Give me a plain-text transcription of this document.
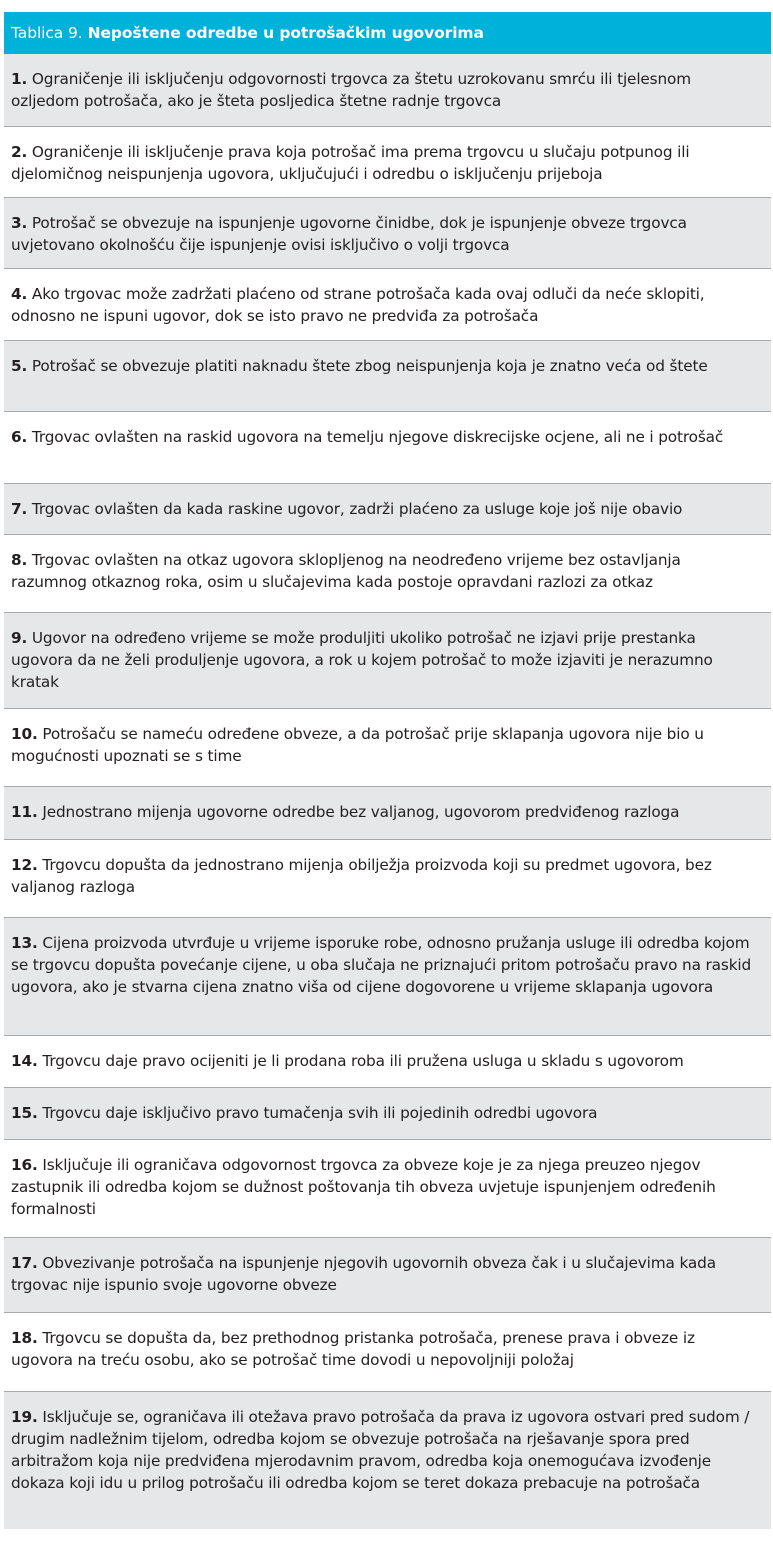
Tablica 9. Nepoštene odredbe u potrošačkim ugovorima
1. Ograničenje ili isključenju odgovornosti trgovca za štetu uzrokovanu smrću ili tjelesnom ozljedom potrošača, ako je šteta posljedica štetne radnje trgovca
2. Ograničenje ili isključenje prava koja potrošač ima prema trgovcu u slučaju potpunog ili djelomičnog neispunjenja ugovora, uključujući i odredbu o isključenju prijeboja
3. Potrošač se obvezuje na ispunjenje ugovorne činidbe, dok je ispunjenje obveze trgovca uvjetovano okolnošću čije ispunjenje ovisi isključivo o volji trgovca
4. Ako trgovac može zadržati plaćeno od strane potrošača kada ovaj odluči da neće sklopiti, odnosno ne ispuni ugovor, dok se isto pravo ne predviđa za potrošača
5. Potrošač se obvezuje platiti naknadu štete zbog neispunjenja koja je znatno veća od štete
6. Trgovac ovlašten na raskid ugovora na temelju njegove diskrecijske ocjene, ali ne i potrošač
7. Trgovac ovlašten da kada raskine ugovor, zadrži plaćeno za usluge koje još nije obavio
8. Trgovac ovlašten na otkaz ugovora sklopljenog na neodređeno vrijeme bez ostavljanja razumnog otkaznog roka, osim u slučajevima kada postoje opravdani razlozi za otkaz
9. Ugovor na određeno vrijeme se može produljiti ukoliko potrošač ne izjavi prije prestanka ugovora da ne želi produljenje ugovora, a rok u kojem potrošač to može izjaviti je nerazumno kratak
10. Potrošaču se nameću određene obveze, a da potrošač prije sklapanja ugovora nije bio u mogućnosti upoznati se s time
11. Jednostrano mijenja ugovorne odredbe bez valjanog, ugovorom predviđenog razloga
12. Trgovcu dopušta da jednostrano mijenja obilježja proizvoda koji su predmet ugovora, bez valjanog razloga
13. Cijena proizvoda utvrđuje u vrijeme isporuke robe, odnosno pružanja usluge ili odredba kojom se trgovcu dopušta povećanje cijene, u oba slučaja ne priznajući pritom potrošaču pravo na raskid ugovora, ako je stvarna cijena znatno viša od cijene dogovorene u vrijeme sklapanja ugovora
14. Trgovcu daje pravo ocijeniti je li prodana roba ili pružena usluga u skladu s ugovorom
15. Trgovcu daje isključivo pravo tumačenja svih ili pojedinih odredbi ugovora
16. Isključuje ili ograničava odgovornost trgovca za obveze koje je za njega preuzeo njegov zastupnik ili odredba kojom se dužnost poštovanja tih obveza uvjetuje ispunjenjem određenih formalnosti
17. Obvezivanje potrošača na ispunjenje njegovih ugovornih obveza čak i u slučajevima kada trgovac nije ispunio svoje ugovorne obveze
18. Trgovcu se dopušta da, bez prethodnog pristanka potrošača, prenese prava i obveze iz ugovora na treću osobu, ako se potrošač time dovodi u nepovoljniji položaj
19. Isključuje se, ograničava ili otežava pravo potrošača da prava iz ugovora ostvari pred sudom / drugim nadležnim tijelom, odredba kojom se obvezuje potrošača na rješavanje spora pred arbitražom koja nije predviđena mjerodavnim pravom, odredba koja onemogućava izvođenje dokaza koji idu u prilog potrošaču ili odredba kojom se teret dokaza prebacuje na potrošača
